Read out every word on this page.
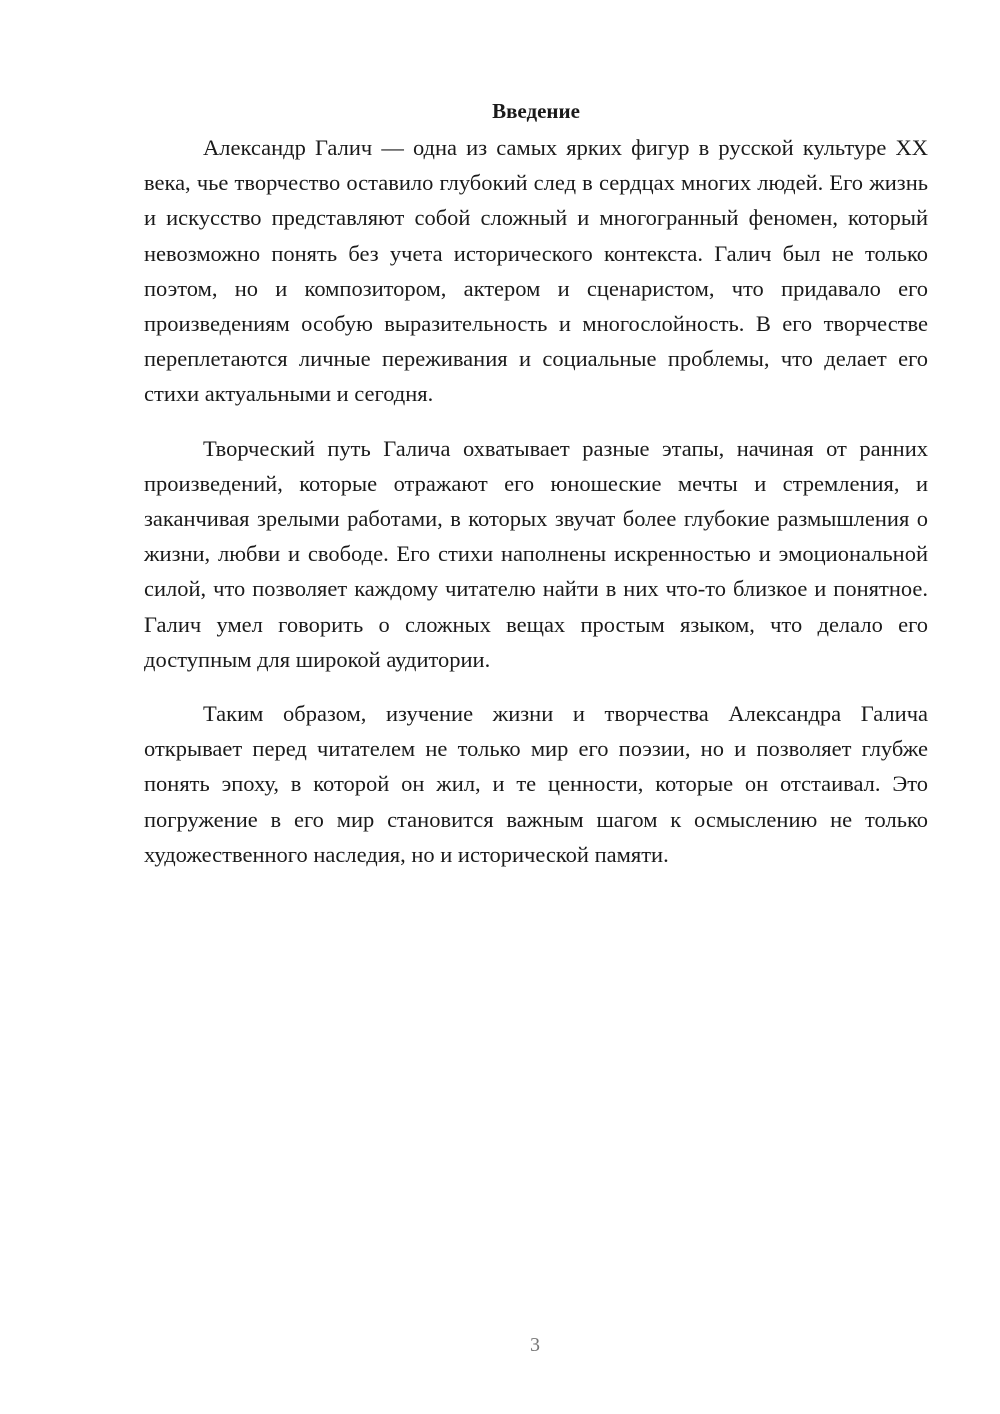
Введение

Александр Галич — одна из самых ярких фигур в русской культуре XX века, чье творчество оставило глубокий след в сердцах многих людей. Его жизнь и искусство представляют собой сложный и многогранный феномен, который невозможно понять без учета исторического контекста. Галич был не только поэтом, но и композитором, актером и сценаристом, что придавало его произведениям особую выразительность и многослойность. В его творчестве переплетаются личные переживания и социальные проблемы, что делает его стихи актуальными и сегодня.

Творческий путь Галича охватывает разные этапы, начиная от ранних произведений, которые отражают его юношеские мечты и стремления, и заканчивая зрелыми работами, в которых звучат более глубокие размышления о жизни, любви и свободе. Его стихи наполнены искренностью и эмоциональной силой, что позволяет каждому читателю найти в них что-то близкое и понятное. Галич умел говорить о сложных вещах простым языком, что делало его доступным для широкой аудитории.

Таким образом, изучение жизни и творчества Александра Галича открывает перед читателем не только мир его поэзии, но и позволяет глубже понять эпоху, в которой он жил, и те ценности, которые он отстаивал. Это погружение в его мир становится важным шагом к осмыслению не только художественного наследия, но и исторической памяти.

3
